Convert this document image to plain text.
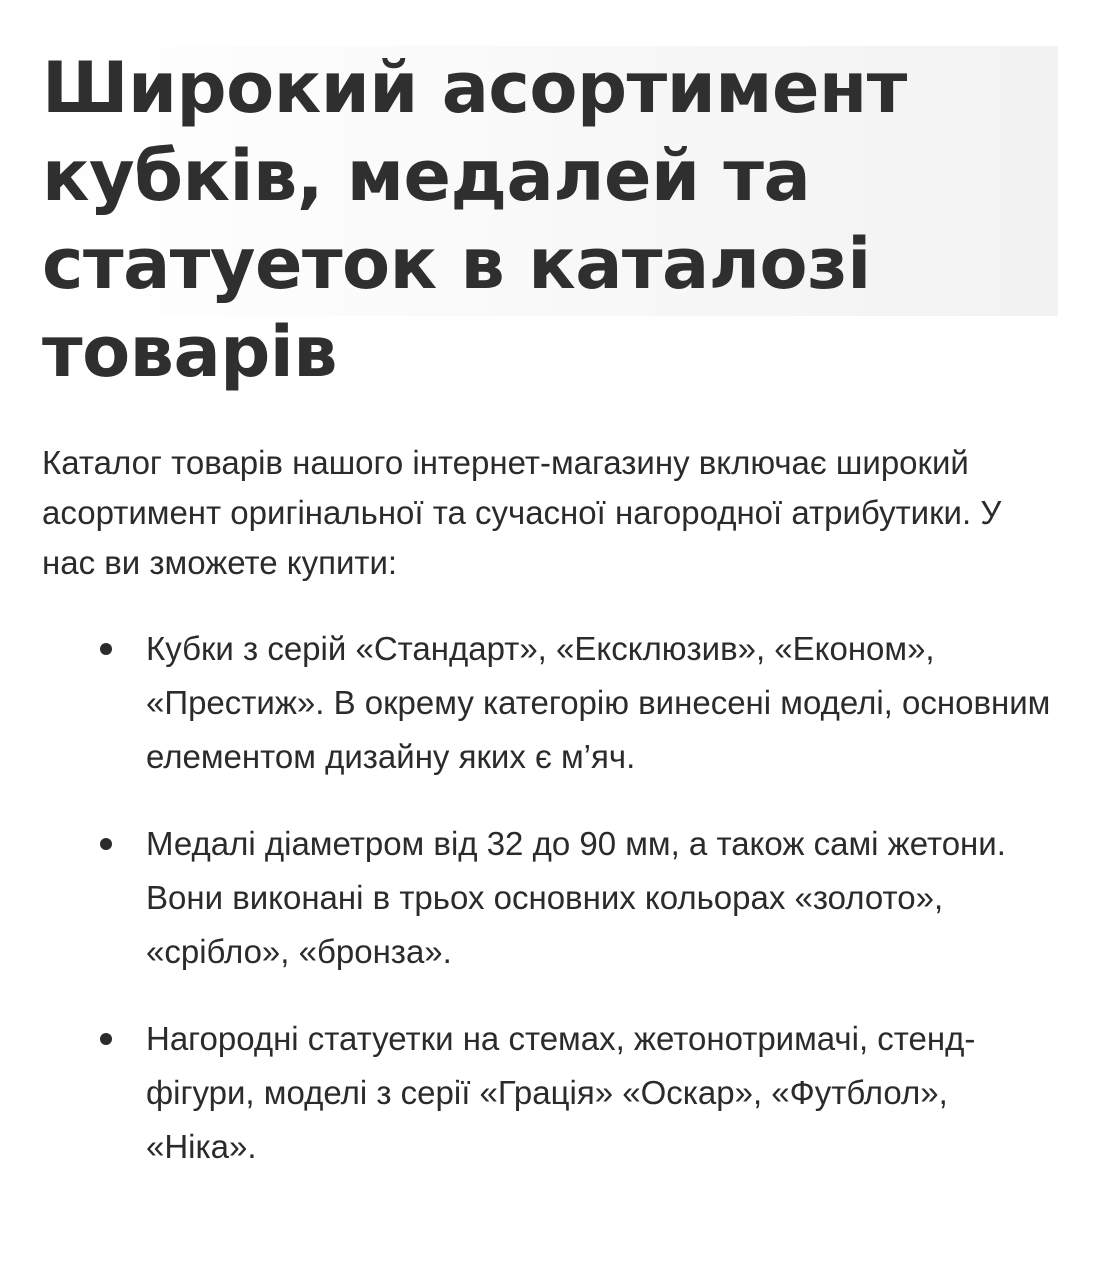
Широкий асортимент кубків, медалей та статуеток в каталозі товарів

Каталог товарів нашого інтернет-магазину включає широкий асортимент оригінальної та сучасної нагородної атрибутики. У нас ви зможете купити:

Кубки з серій «Стандарт», «Ексклюзив», «Економ», «Престиж». В окрему категорію винесені моделі, основним елементом дизайну яких є м’яч.
Медалі діаметром від 32 до 90 мм, а також самі жетони. Вони виконані в трьох основних кольорах «золото», «срібло», «бронза».
Нагородні статуетки на стемах, жетонотримачі, стенд-фігури, моделі з серії «Грація» «Оскар», «Футблол», «Ніка».
